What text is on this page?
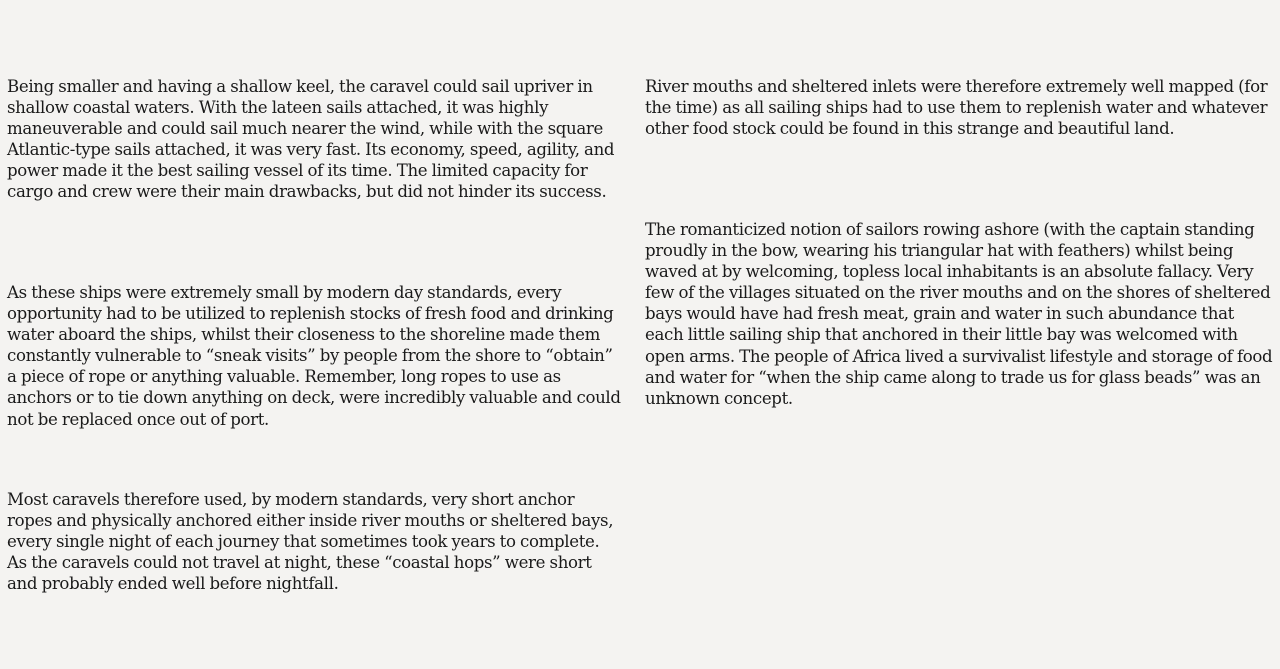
Being smaller and having a shallow keel, the caravel could sail upriver in shallow coastal waters. With the lateen sails attached, it was highly maneuverable and could sail much nearer the wind, while with the square Atlantic-type sails attached, it was very fast. Its economy, speed, agility, and power made it the best sailing vessel of its time. The limited capacity for cargo and crew were their main drawbacks, but did not hinder its success.

As these ships were extremely small by modern day standards, every opportunity had to be utilized to replenish stocks of fresh food and drinking water aboard the ships, whilst their closeness to the shoreline made them constantly vulnerable to “sneak visits” by people from the shore to “obtain” a piece of rope or anything valuable. Remember, long ropes to use as anchors or to tie down anything on deck, were incredibly valuable and could not be replaced once out of port.

Most caravels therefore used, by modern standards, very short anchor ropes and physically anchored either inside river mouths or sheltered bays, every single night of each journey that sometimes took years to complete. As the caravels could not travel at night, these “coastal hops” were short and probably ended well before nightfall.

River mouths and sheltered inlets were therefore extremely well mapped (for the time) as all sailing ships had to use them to replenish water and whatever other food stock could be found in this strange and beautiful land.

The romanticized notion of sailors rowing ashore (with the captain standing proudly in the bow, wearing his triangular hat with feathers) whilst being waved at by welcoming, topless local inhabitants is an absolute fallacy. Very few of the villages situated on the river mouths and on the shores of sheltered bays would have had fresh meat, grain and water in such abundance that each little sailing ship that anchored in their little bay was welcomed with open arms. The people of Africa lived a survivalist lifestyle and storage of food and water for “when the ship came along to trade us for glass beads” was an unknown concept.
